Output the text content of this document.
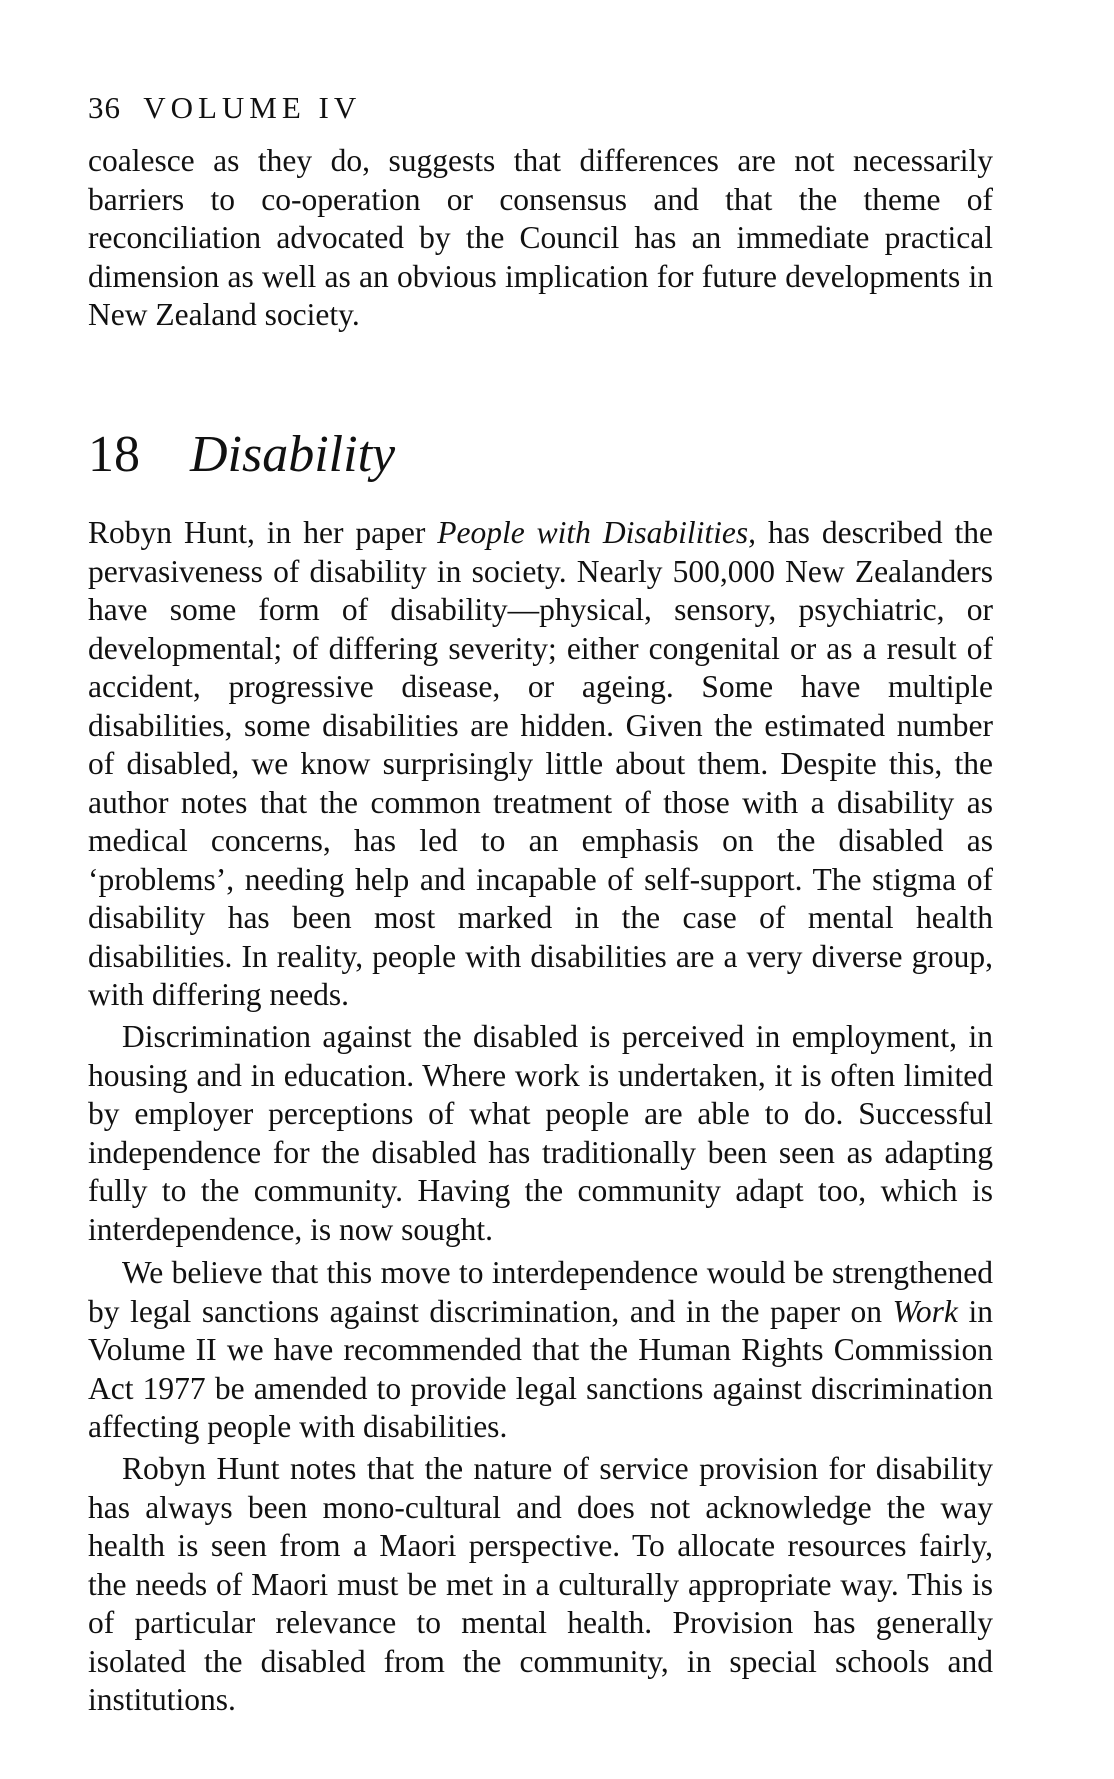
36 VOLUME IV

coalesce as they do, suggests that differences are not necessarily barriers to co-operation or consensus and that the theme of reconciliation advocated by the Council has an immediate practical dimension as well as an obvious implication for future developments in New Zealand society.

18 Disability

Robyn Hunt, in her paper People with Disabilities, has described the pervasiveness of disability in society. Nearly 500,000 New Zealanders have some form of disability—physical, sensory, psychiatric, or developmental; of differing severity; either congenital or as a result of accident, progressive disease, or ageing. Some have multiple disabilities, some disabilities are hidden. Given the estimated number of disabled, we know surprisingly little about them. Despite this, the author notes that the common treatment of those with a disability as medical concerns, has led to an emphasis on the disabled as ‘problems’, needing help and incapable of self-support. The stigma of disability has been most marked in the case of mental health disabilities. In reality, people with disabilities are a very diverse group, with differing needs.

Discrimination against the disabled is perceived in employment, in housing and in education. Where work is undertaken, it is often limited by employer perceptions of what people are able to do. Successful independence for the disabled has traditionally been seen as adapting fully to the community. Having the community adapt too, which is interdependence, is now sought.

We believe that this move to interdependence would be strengthened by legal sanctions against discrimination, and in the paper on Work in Volume II we have recommended that the Human Rights Commission Act 1977 be amended to provide legal sanctions against discrimination affecting people with disabilities.

Robyn Hunt notes that the nature of service provision for disability has always been mono-cultural and does not acknowledge the way health is seen from a Maori perspective. To allocate resources fairly, the needs of Maori must be met in a culturally appropriate way. This is of particular relevance to mental health. Provision has generally isolated the disabled from the community, in special schools and institutions.
